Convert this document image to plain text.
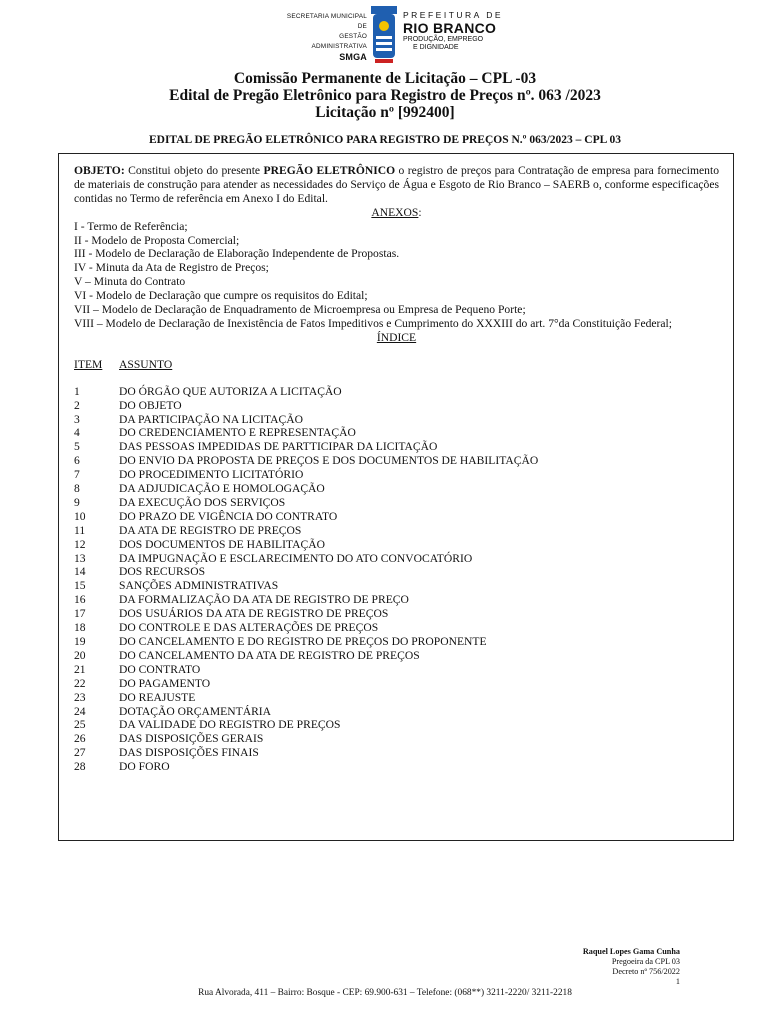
SECRETARIA MUNICIPAL DE
GESTÃO ADMINISTRATIVA
SMGA
PREFEITURA DE
RIO BRANCO
PRODUÇÃO, EMPREGO
E DIGNIDADE
Comissão Permanente de Licitação – CPL -03
Edital de Pregão Eletrônico para Registro de Preços nº. 063 /2023
Licitação nº [992400]
EDITAL DE PREGÃO ELETRÔNICO PARA REGISTRO DE PREÇOS N.º 063/2023 – CPL 03
OBJETO: Constitui objeto do presente PREGÃO ELETRÔNICO o registro de preços para Contratação de empresa para fornecimento de materiais de construção para atender as necessidades do Serviço de Água e Esgoto de Rio Branco – SAERB o, conforme especificações contidas no Termo de referência em Anexo I do Edital.
ANEXOS:
I - Termo de Referência;
II - Modelo de Proposta Comercial;
III - Modelo de Declaração de Elaboração Independente de Propostas.
IV - Minuta da Ata de Registro de Preços;
V – Minuta do Contrato
VI - Modelo de Declaração que cumpre os requisitos do Edital;
VII – Modelo de Declaração de Enquadramento de Microempresa ou Empresa de Pequeno Porte;
VIII – Modelo de Declaração de Inexistência de Fatos Impeditivos e Cumprimento do XXXIII do art. 7°da Constituição Federal;
ÍNDICE
ITEM	ASSUNTO
1	DO ÓRGÃO QUE AUTORIZA A LICITAÇÃO
2	DO OBJETO
3	DA PARTICIPAÇÃO NA LICITAÇÃO
4	DO CREDENCIAMENTO E REPRESENTAÇÃO
5	DAS PESSOAS IMPEDIDAS DE PARTTICIPAR DA LICITAÇÃO
6	DO ENVIO DA PROPOSTA DE PREÇOS E DOS DOCUMENTOS DE HABILITAÇÃO
7	DO PROCEDIMENTO LICITATÓRIO
8	DA ADJUDICAÇÃO E HOMOLOGAÇÃO
9	DA EXECUÇÃO DOS SERVIÇOS
10	DO PRAZO DE VIGÊNCIA DO CONTRATO
11	DA ATA DE REGISTRO DE PREÇOS
12	DOS DOCUMENTOS DE HABILITAÇÃO
13	DA IMPUGNAÇÃO E ESCLARECIMENTO DO ATO CONVOCATÓRIO
14	DOS RECURSOS
15	SANÇÕES ADMINISTRATIVAS
16	DA FORMALIZAÇÃO DA ATA DE REGISTRO DE PREÇO
17	DOS USUÁRIOS DA ATA DE REGISTRO DE PREÇOS
18	DO CONTROLE E DAS ALTERAÇÕES DE PREÇOS
19	DO CANCELAMENTO E DO REGISTRO DE PREÇOS DO PROPONENTE
20	DO CANCELAMENTO DA ATA DE REGISTRO DE PREÇOS
21	DO CONTRATO
22	DO PAGAMENTO
23	DO REAJUSTE
24	DOTAÇÃO ORÇAMENTÁRIA
25	DA VALIDADE DO REGISTRO DE PREÇOS
26	DAS DISPOSIÇÕES GERAIS
27	DAS DISPOSIÇÕES FINAIS
28	DO FORO
Raquel Lopes Gama Cunha
Pregoeira da CPL 03
Decreto nº 756/2022
1
Rua Alvorada, 411 – Bairro: Bosque - CEP: 69.900-631 – Telefone: (068**) 3211-2220/ 3211-2218
